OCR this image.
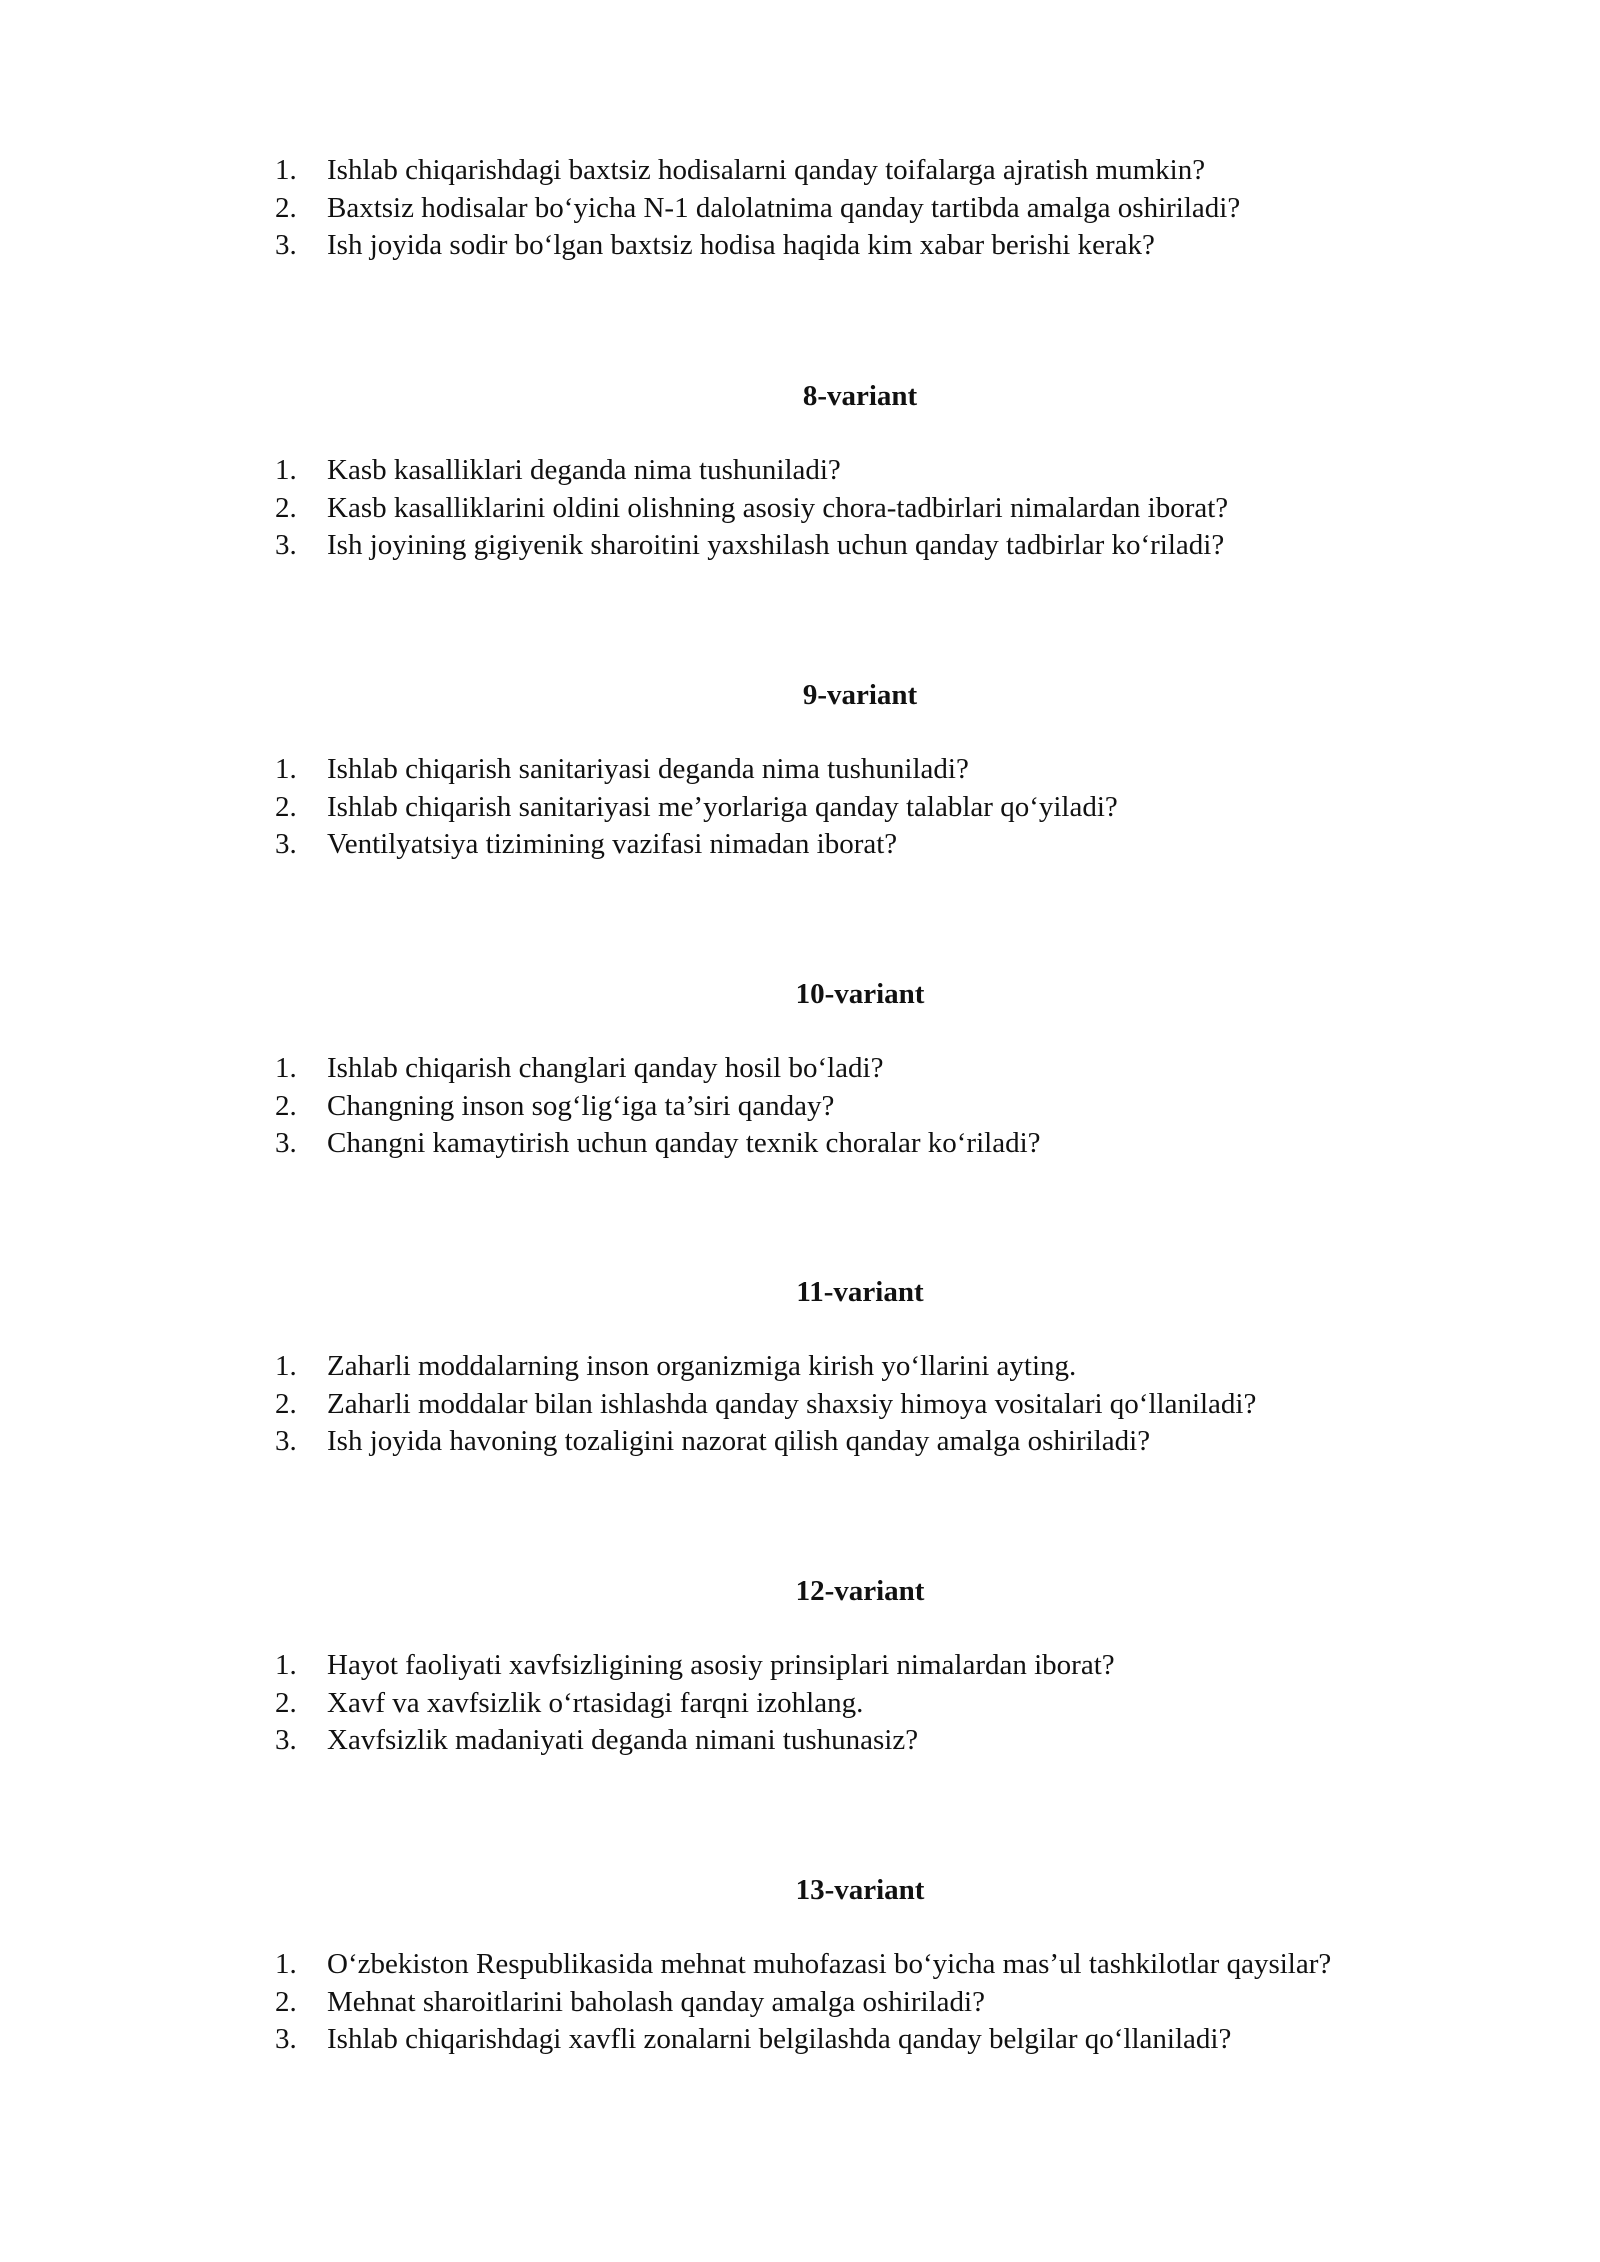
1.	Ishlab chiqarishdagi baxtsiz hodisalarni qanday toifalarga ajratish mumkin?
2.	Baxtsiz hodisalar bo‘yicha N-1 dalolatnima qanday tartibda amalga oshiriladi?
3.	Ish joyida sodir bo‘lgan baxtsiz hodisa haqida kim xabar berishi kerak?
8-variant
1.	Kasb kasalliklari deganda nima tushuniladi?
2.	Kasb kasalliklarini oldini olishning asosiy chora-tadbirlari nimalardan iborat?
3.	Ish joyining gigiyenik sharoitini yaxshilash uchun qanday tadbirlar ko‘riladi?
9-variant
1.	Ishlab chiqarish sanitariyasi deganda nima tushuniladi?
2.	Ishlab chiqarish sanitariyasi me’yorlariga qanday talablar qo‘yiladi?
3.	Ventilyatsiya tizimining vazifasi nimadan iborat?
10-variant
1.	Ishlab chiqarish changlari qanday hosil bo‘ladi?
2.	Changning inson sog‘lig‘iga ta’siri qanday?
3.	Changni kamaytirish uchun qanday texnik choralar ko‘riladi?
11-variant
1.	Zaharli moddalarning inson organizmiga kirish yo‘llarini ayting.
2.	Zaharli moddalar bilan ishlashda qanday shaxsiy himoya vositalari qo‘llaniladi?
3.	Ish joyida havoning tozaligini nazorat qilish qanday amalga oshiriladi?
12-variant
1.	Hayot faoliyati xavfsizligining asosiy prinsiplari nimalardan iborat?
2.	Xavf va xavfsizlik o‘rtasidagi farqni izohlang.
3.	Xavfsizlik madaniyati deganda nimani tushunasiz?
13-variant
1.	O‘zbekiston Respublikasida mehnat muhofazasi bo‘yicha mas’ul tashkilotlar qaysilar?
2.	Mehnat sharoitlarini baholash qanday amalga oshiriladi?
3.	Ishlab chiqarishdagi xavfli zonalarni belgilashda qanday belgilar qo‘llaniladi?
